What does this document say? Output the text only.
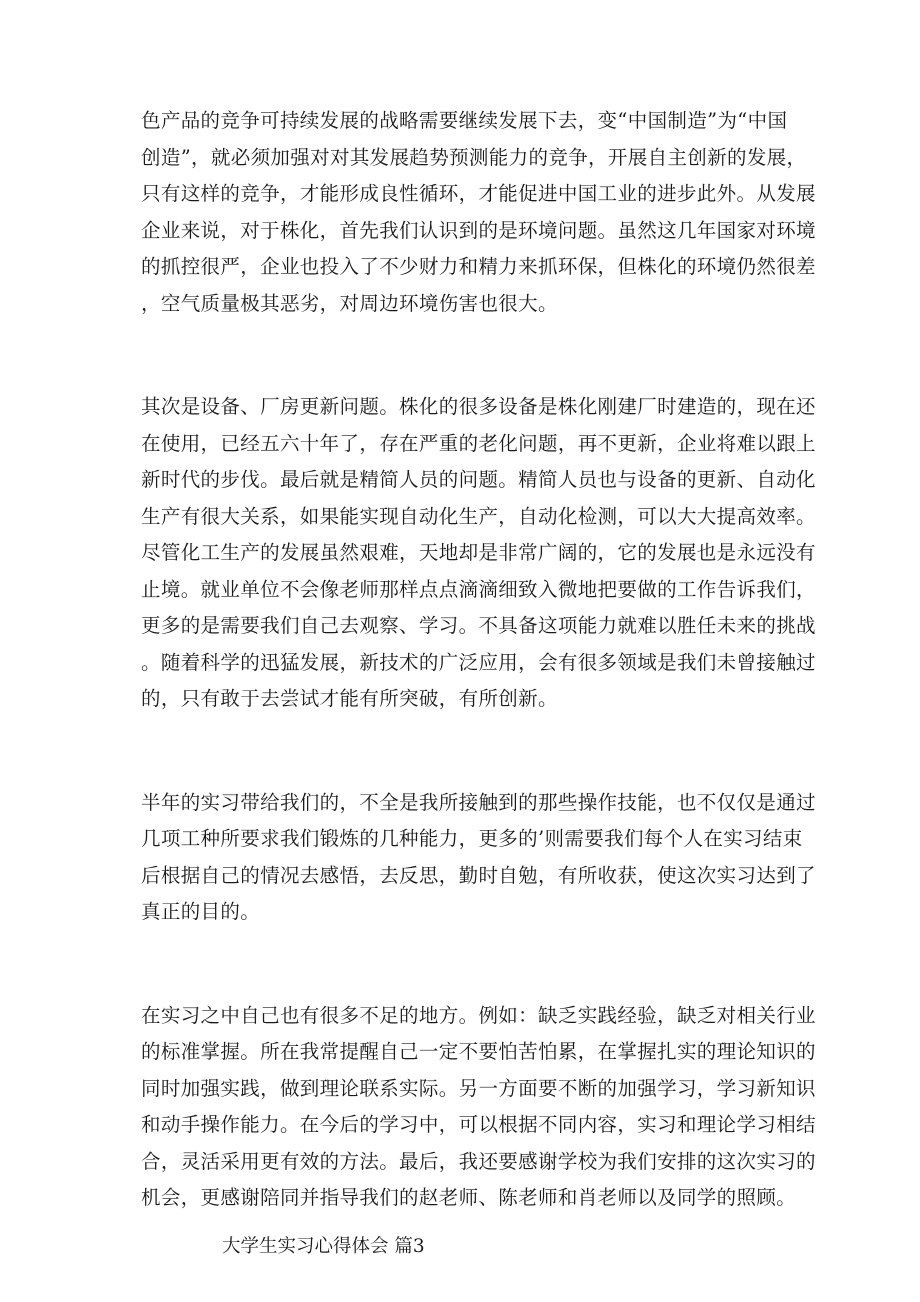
色产品的竞争可持续发展的战略需要继续发展下去，变“中国制造”为“中国
创造”，就必须加强对对其发展趋势预测能力的竞争，开展自主创新的发展，
只有这样的竞争，才能形成良性循环，才能促进中国工业的进步此外。从发展
企业来说，对于株化，首先我们认识到的是环境问题。虽然这几年国家对环境
的抓控很严，企业也投入了不少财力和精力来抓环保，但株化的环境仍然很差
，空气质量极其恶劣，对周边环境伤害也很大。
其次是设备、厂房更新问题。株化的很多设备是株化刚建厂时建造的，现在还
在使用，已经五六十年了，存在严重的老化问题，再不更新，企业将难以跟上
新时代的步伐。最后就是精简人员的问题。精简人员也与设备的更新、自动化
生产有很大关系，如果能实现自动化生产，自动化检测，可以大大提高效率。
尽管化工生产的发展虽然艰难，天地却是非常广阔的，它的发展也是永远没有
止境。就业单位不会像老师那样点点滴滴细致入微地把要做的工作告诉我们，
更多的是需要我们自己去观察、学习。不具备这项能力就难以胜任未来的挑战
。随着科学的迅猛发展，新技术的广泛应用，会有很多领域是我们未曾接触过
的，只有敢于去尝试才能有所突破，有所创新。
半年的实习带给我们的，不全是我所接触到的那些操作技能，也不仅仅是通过
几项工种所要求我们锻炼的几种能力，更多的’则需要我们每个人在实习结束
后根据自己的情况去感悟，去反思，勤时自勉，有所收获，使这次实习达到了
真正的目的。
在实习之中自己也有很多不足的地方。例如：缺乏实践经验，缺乏对相关行业
的标准掌握。所在我常提醒自己一定不要怕苦怕累，在掌握扎实的理论知识的
同时加强实践，做到理论联系实际。另一方面要不断的加强学习，学习新知识
和动手操作能力。在今后的学习中，可以根据不同内容，实习和理论学习相结
合，灵活采用更有效的方法。最后，我还要感谢学校为我们安排的这次实习的
机会，更感谢陪同并指导我们的赵老师、陈老师和肖老师以及同学的照顾。
大学生实习心得体会 篇3
